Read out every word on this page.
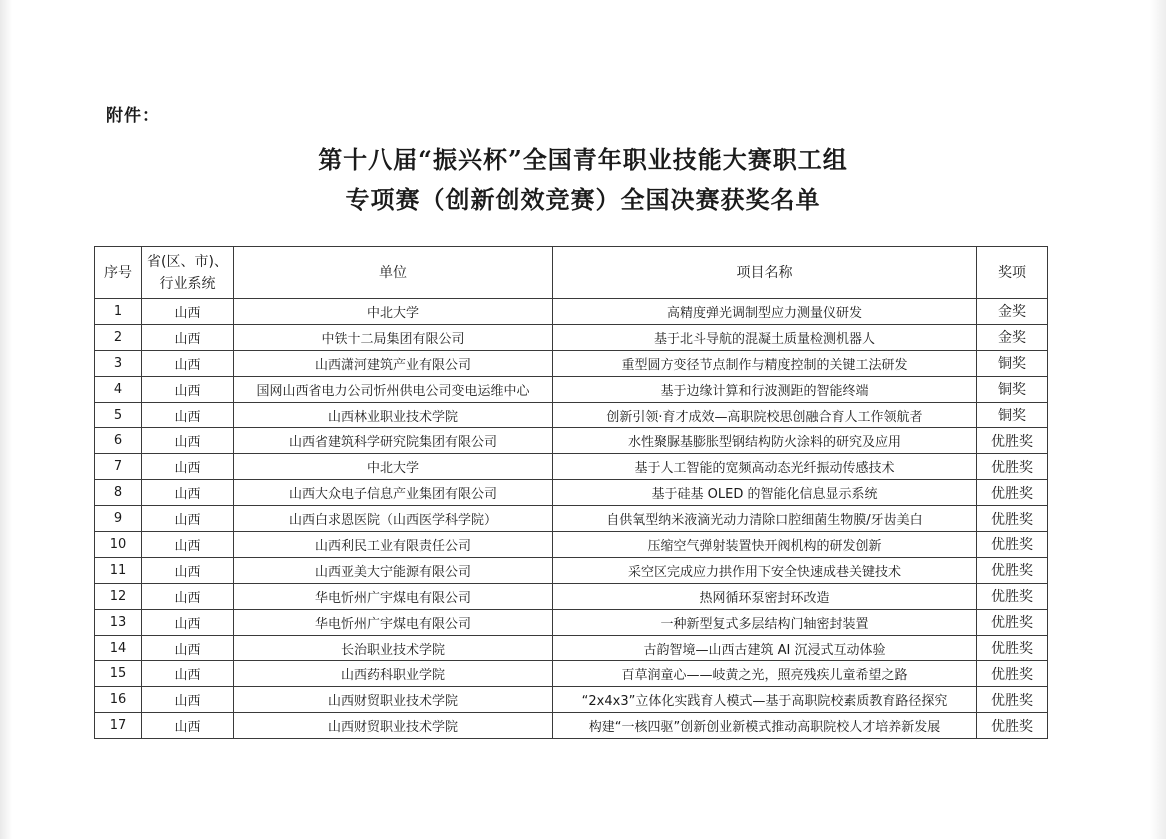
附件：
第十八届“振兴杯”全国青年职业技能大赛职工组
专项赛（创新创效竞赛）全国决赛获奖名单
序号	省(区、市)、行业系统	单位	项目名称	奖项
1	山西	中北大学	高精度弹光调制型应力测量仪研发	金奖
2	山西	中铁十二局集团有限公司	基于北斗导航的混凝土质量检测机器人	金奖
3	山西	山西潇河建筑产业有限公司	重型圆方变径节点制作与精度控制的关键工法研发	铜奖
4	山西	国网山西省电力公司忻州供电公司变电运维中心	基于边缘计算和行波测距的智能终端	铜奖
5	山西	山西林业职业技术学院	创新引领·育才成效—高职院校思创融合育人工作领航者	铜奖
6	山西	山西省建筑科学研究院集团有限公司	水性聚脲基膨胀型钢结构防火涂料的研究及应用	优胜奖
7	山西	中北大学	基于人工智能的宽频高动态光纤振动传感技术	优胜奖
8	山西	山西大众电子信息产业集团有限公司	基于硅基 OLED 的智能化信息显示系统	优胜奖
9	山西	山西白求恩医院（山西医学科学院）	自供氧型纳米液滴光动力清除口腔细菌生物膜/牙齿美白	优胜奖
10	山西	山西利民工业有限责任公司	压缩空气弹射装置快开阀机构的研发创新	优胜奖
11	山西	山西亚美大宁能源有限公司	采空区完成应力拱作用下安全快速成巷关键技术	优胜奖
12	山西	华电忻州广宇煤电有限公司	热网循环泵密封环改造	优胜奖
13	山西	华电忻州广宇煤电有限公司	一种新型复式多层结构门轴密封装置	优胜奖
14	山西	长治职业技术学院	古韵智境—山西古建筑 AI 沉浸式互动体验	优胜奖
15	山西	山西药科职业学院	百草润童心——岐黄之光，照亮残疾儿童希望之路	优胜奖
16	山西	山西财贸职业技术学院	“2x4x3”立体化实践育人模式—基于高职院校素质教育路径探究	优胜奖
17	山西	山西财贸职业技术学院	构建“一核四驱”创新创业新模式推动高职院校人才培养新发展	优胜奖
